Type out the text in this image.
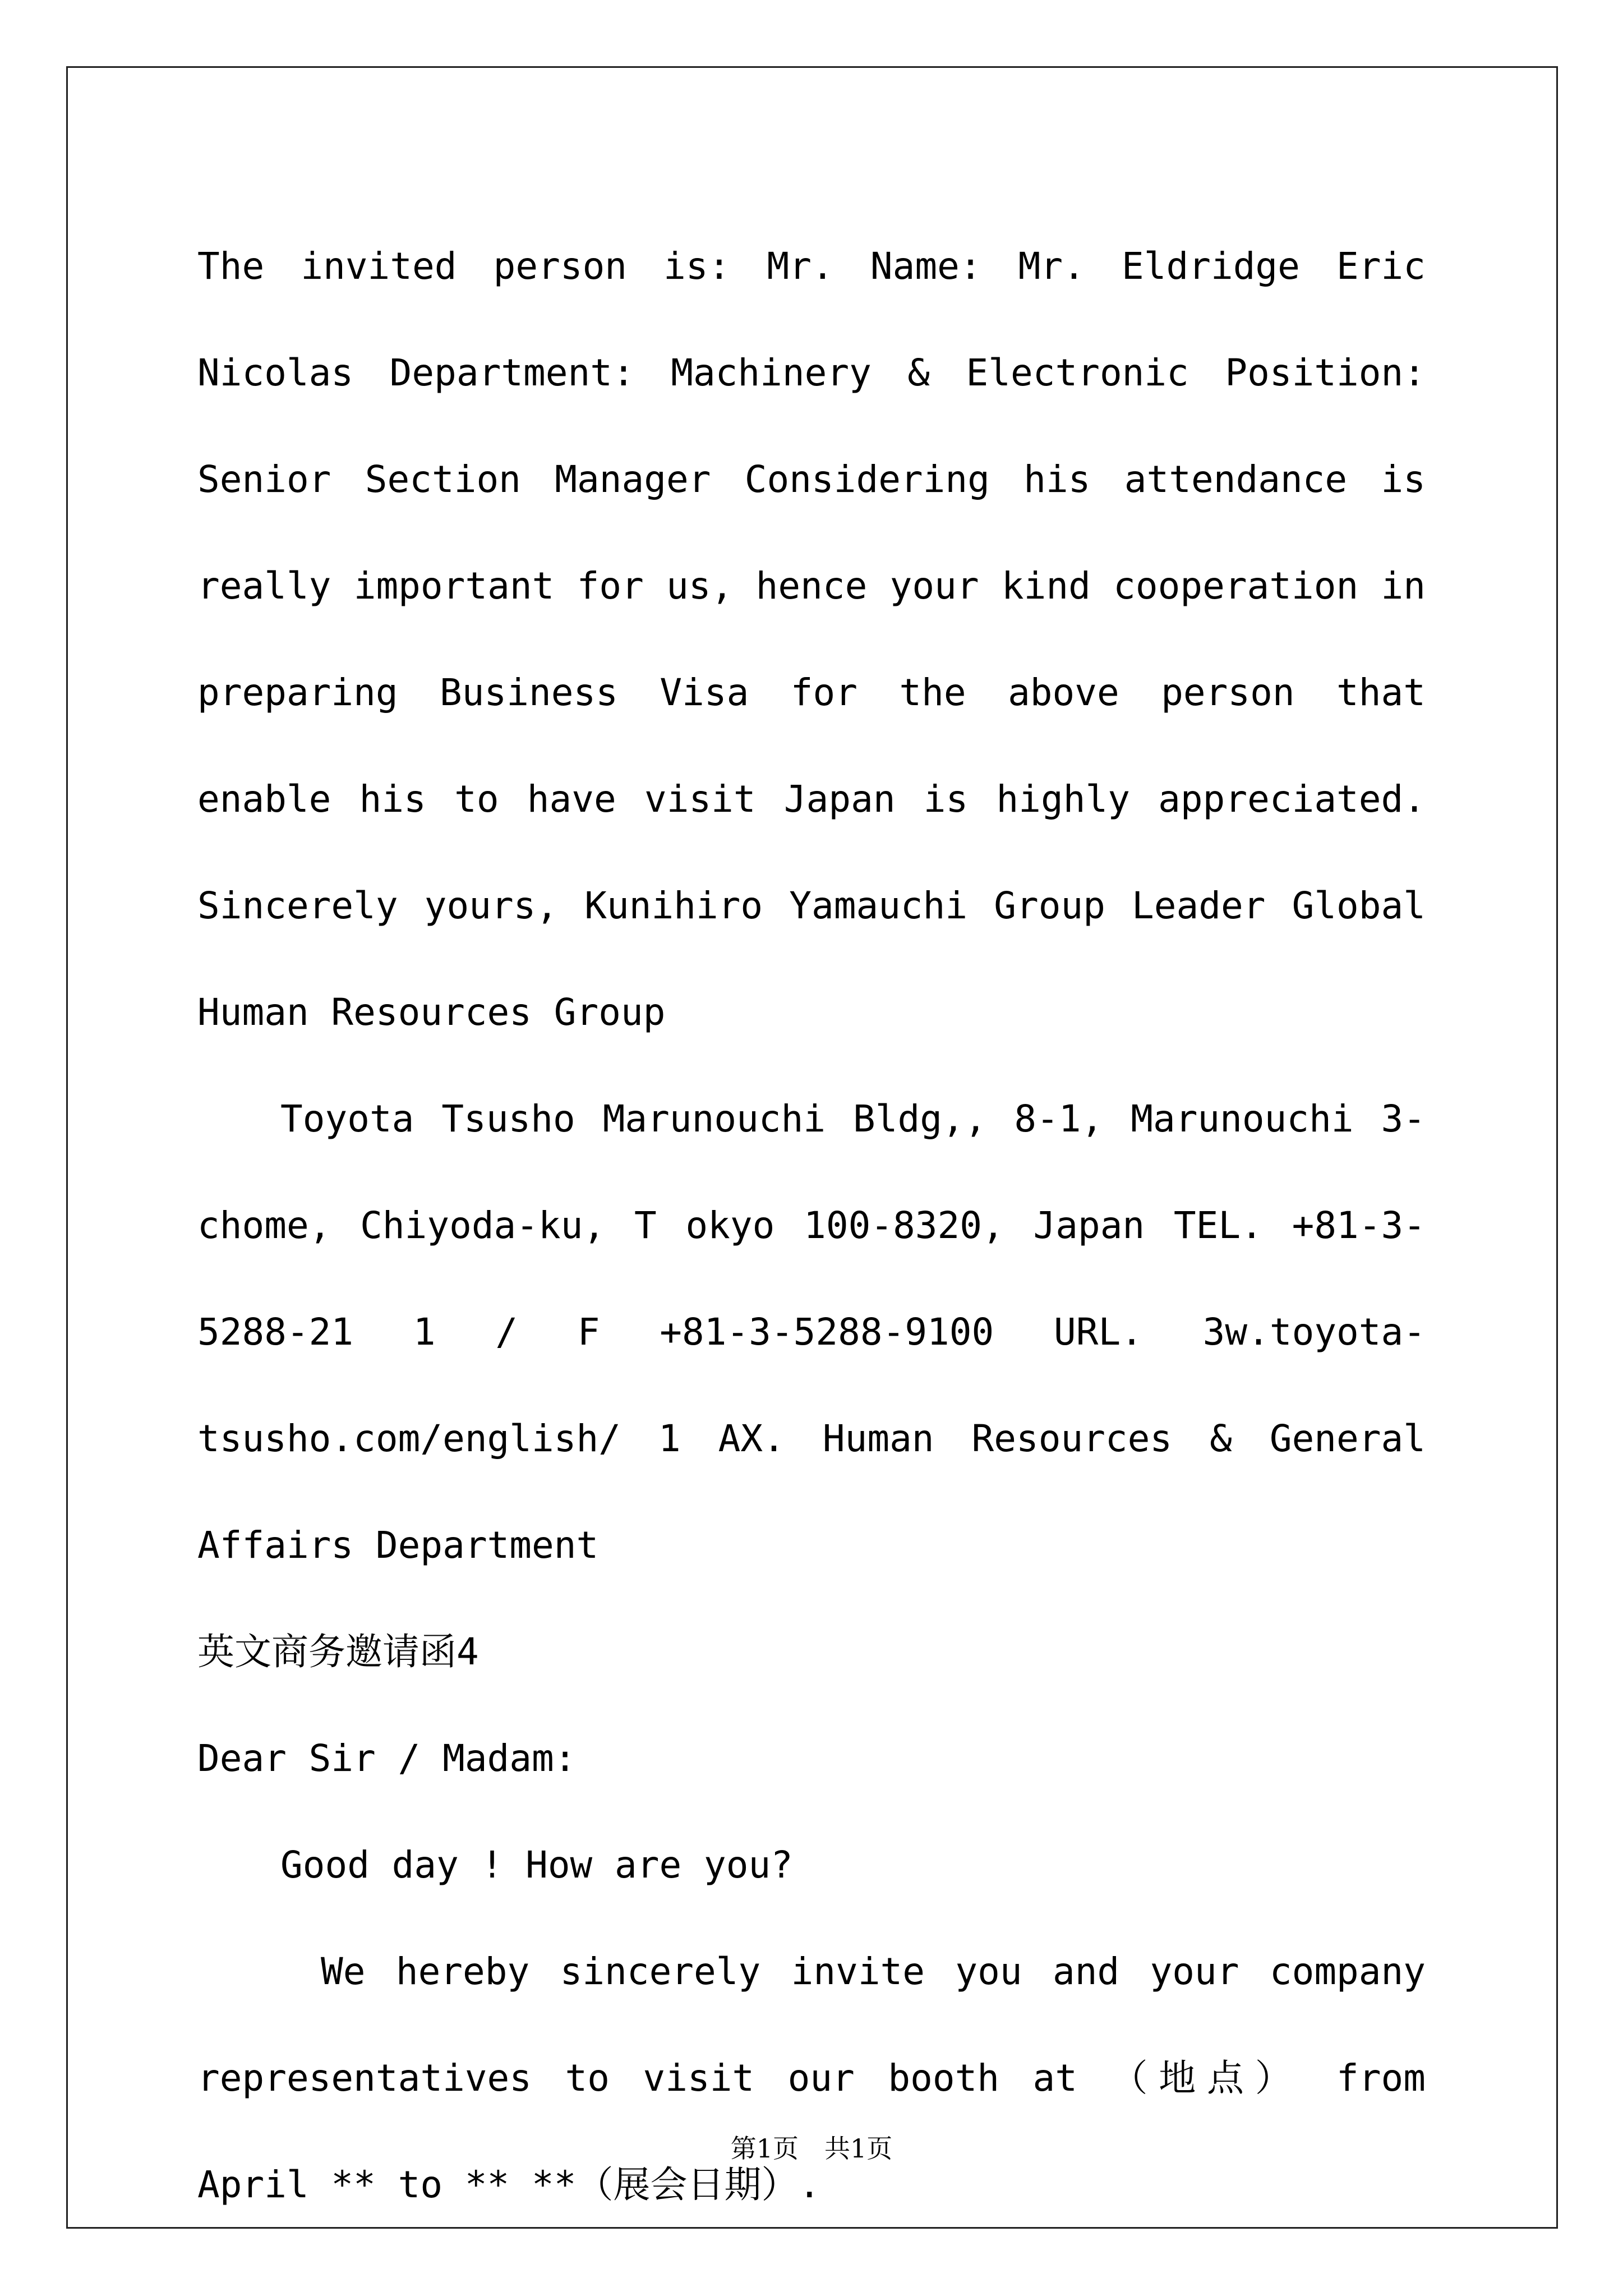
The invited person is: Mr. Name: Mr. Eldridge Eric Nicolas Department: Machinery & Electronic Position: Senior Section Manager Considering his attendance is really important for us, hence your kind cooperation in preparing Business Visa for the above person that enable his to have visit Japan is highly appreciated. Sincerely yours, Kunihiro Yamauchi Group Leader Global Human Resources Group

Toyota Tsusho Marunouchi Bldg,, 8-1, Marunouchi 3-chome, Chiyoda-ku, T okyo 100-8320, Japan TEL. +81-3-5288-21 1 / F +81-3-5288-9100 URL. 3w.toyota-tsusho.com/english/ 1 AX. Human Resources & General Affairs Department

英文商务邀请函4

Dear Sir / Madam:

Good day ! How are you?

We hereby sincerely invite you and your company representatives to visit our booth at （地点） from April ** to ** **（展会日期）.

第1页　共1页
